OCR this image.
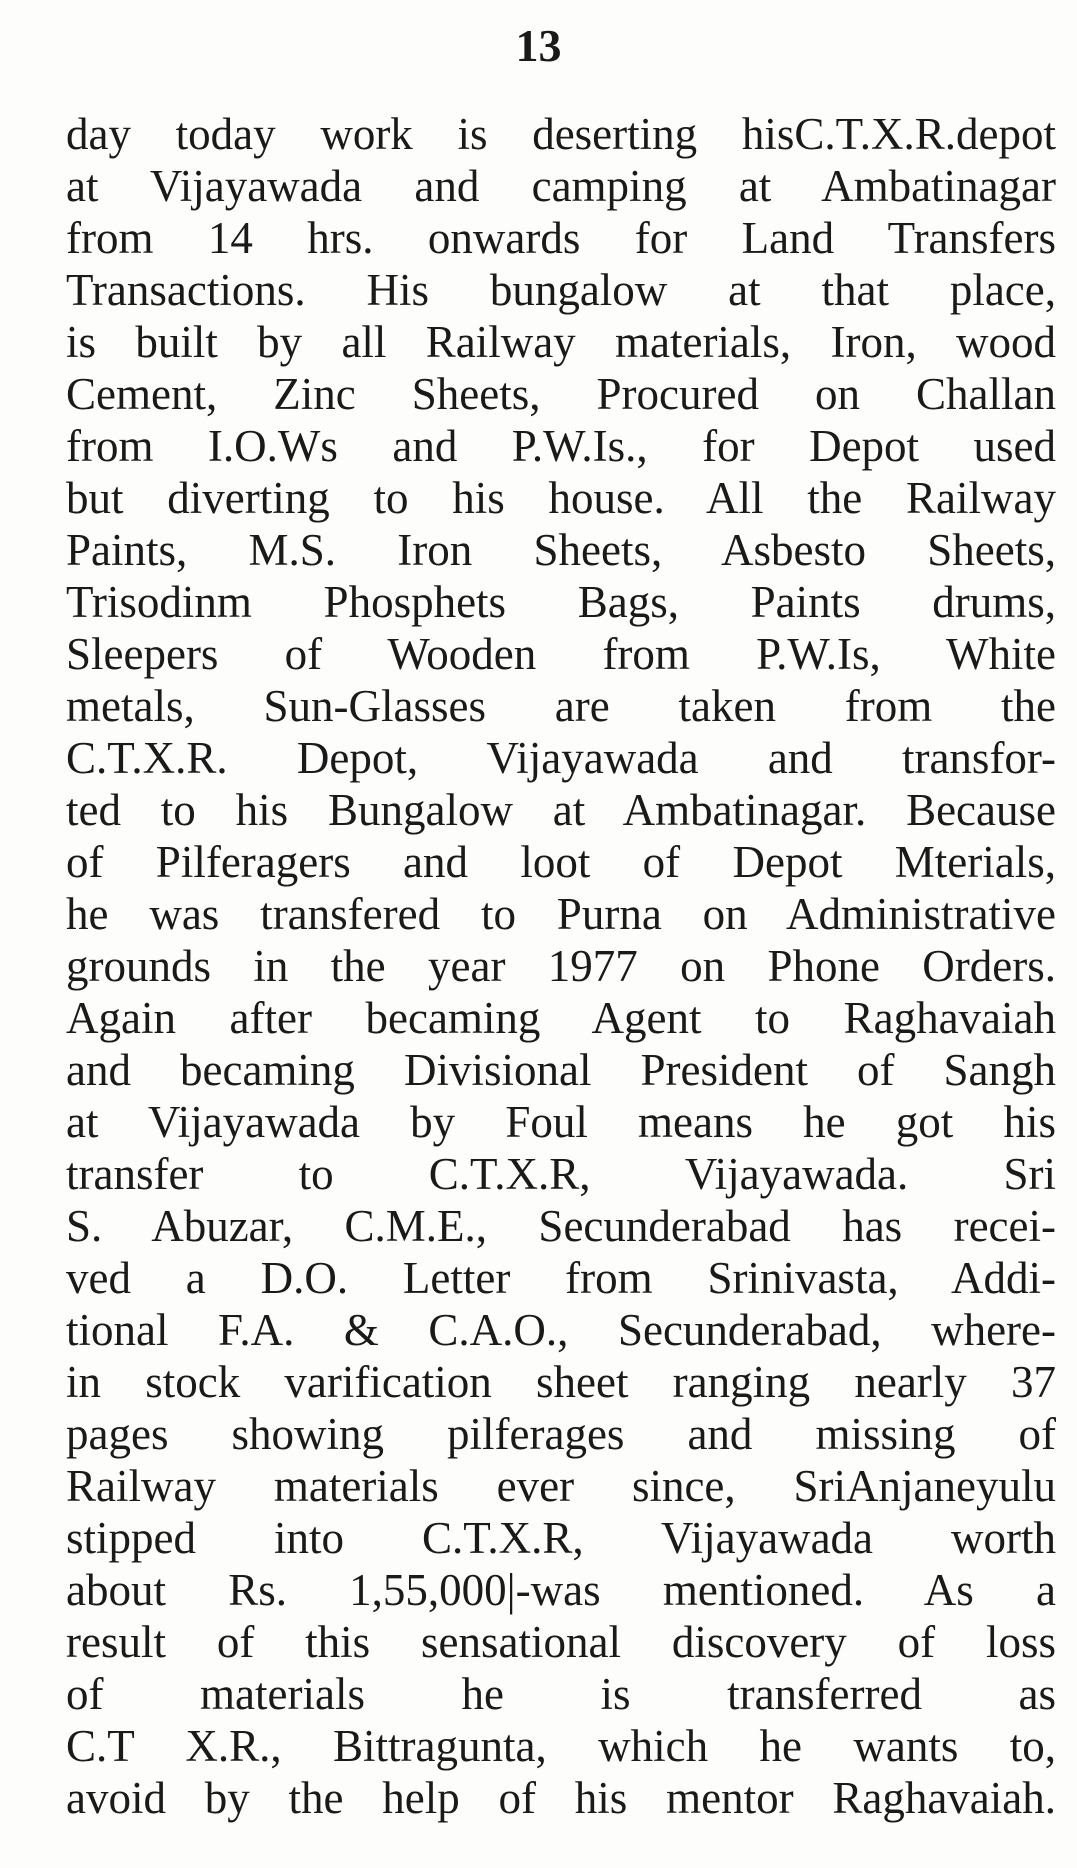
13
day today work is deserting hisC.T.X.R.depot
at Vijayawada and camping at Ambatinagar
from 14 hrs. onwards for Land Transfers
Transactions. His bungalow at that place,
is built by all Railway materials, Iron, wood
Cement, Zinc Sheets, Procured on Challan
from I.O.Ws and P.W.Is., for Depot used
but diverting to his house. All the Railway
Paints, M.S. Iron Sheets, Asbesto Sheets,
Trisodinm Phosphets Bags, Paints drums,
Sleepers of Wooden from P.W.Is, White
metals, Sun-Glasses are taken from the
C.T.X.R. Depot, Vijayawada and transfor-
ted to his Bungalow at Ambatinagar. Because
of Pilferagers and loot of Depot Mterials,
he was transfered to Purna on Administrative
grounds in the year 1977 on Phone Orders.
Again after becaming Agent to Raghavaiah
and becaming Divisional President of Sangh
at Vijayawada by Foul means he got his
transfer to C.T.X.R, Vijayawada. Sri
S. Abuzar, C.M.E., Secunderabad has recei-
ved a D.O. Letter from Srinivasta, Addi-
tional F.A. & C.A.O., Secunderabad, where-
in stock varification sheet ranging nearly 37
pages showing pilferages and missing of
Railway materials ever since, SriAnjaneyulu
stipped into C.T.X.R, Vijayawada worth
about Rs. 1,55,000|-was mentioned. As a
result of this sensational discovery of loss
of materials he is transferred as
C.T X.R., Bittragunta, which he wants to,
avoid by the help of his mentor Raghavaiah.
